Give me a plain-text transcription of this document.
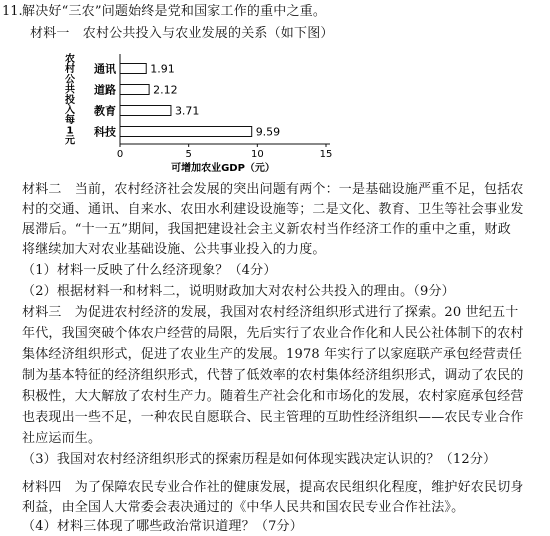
11. 解决好“三农”问题始终是党和国家工作的重中之重。
材料一　农村公共投入与农业发展的关系（如下图）
农
村
公
共
投
入
每
1
元
通讯	1.91
道路	2.12
教育	3.71
科技	9.59
0	5	10	15
可增加农业GDP（元）
材料二　当前，农村经济社会发展的突出问题有两个：一是基础设施严重不足，包括农
村的交通、通讯、自来水、农田水利建设设施等；二是文化、教育、卫生等社会事业发
展滞后。“十一五”期间，我国把建设社会主义新农村当作经济工作的重中之重，财政
将继续加大对农业基础设施、公共事业投入的力度。
（1）材料一反映了什么经济现象？（4分）
（2）根据材料一和材料二，说明财政加大对农村公共投入的理由。（9分）
材料三　为促进农村经济的发展，我国对农村经济组织形式进行了探索。20 世纪五十
年代，我国突破个体农户经营的局限，先后实行了农业合作化和人民公社体制下的农村
集体经济组织形式，促进了农业生产的发展。1978 年实行了以家庭联产承包经营责任
制为基本特征的经济组织形式，代替了低效率的农村集体经济组织形式，调动了农民的
积极性，大大解放了农村生产力。随着生产社会化和市场化的发展，农村家庭承包经营
也表现出一些不足，一种农民自愿联合、民主管理的互助性经济组织——农民专业合作
社应运而生。
（3）我国对农村经济组织形式的探索历程是如何体现实践决定认识的？（12分）
材料四　为了保障农民专业合作社的健康发展，提高农民组织化程度，维护好农民切身
利益，由全国人大常委会表决通过的《中华人民共和国农民专业合作社法》。
（4）材料三体现了哪些政治常识道理？（7分）
